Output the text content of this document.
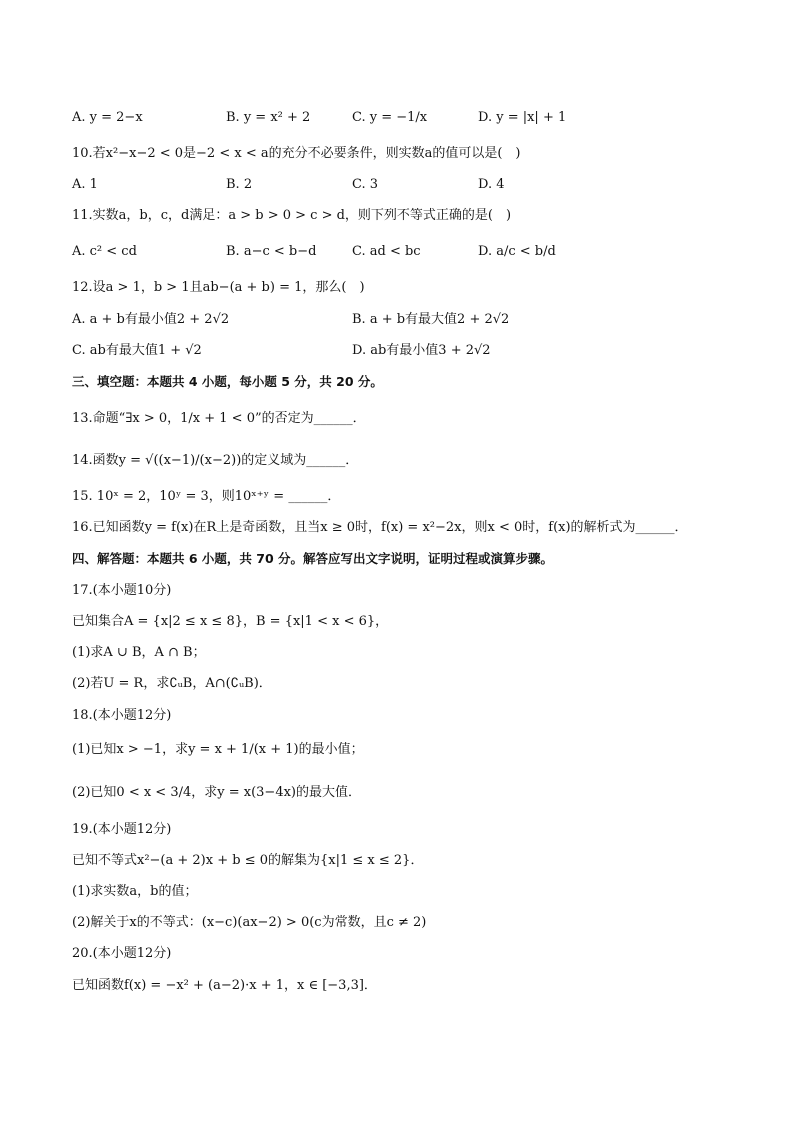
A. y = 2−x	B. y = x² + 2	C. y = −1/x	D. y = |x| + 1
10.若x²−x−2 < 0是−2 < x < a的充分不必要条件，则实数a的值可以是(　)
A. 1	B. 2	C. 3	D. 4
11.实数a，b，c，d满足：a > b > 0 > c > d，则下列不等式正确的是(　)
A. c² < cd	B. a−c < b−d	C. ad < bc	D. a/c < b/d
12.设a > 1，b > 1且ab−(a + b) = 1，那么(　)
A. a + b有最小值2 + 2√2	B. a + b有最大值2 + 2√2
C. ab有最大值1 + √2	D. ab有最小值3 + 2√2
三、填空题：本题共 4 小题，每小题 5 分，共 20 分。
13.命题“∃x > 0，1/x + 1 < 0”的否定为______．
14.函数y = √((x−1)/(x−2))的定义域为______．
15. 10ˣ = 2，10ʸ = 3，则10ˣ⁺ʸ = ______．
16.已知函数y = f(x)在R上是奇函数，且当x ≥ 0时，f(x) = x²−2x，则x < 0时，f(x)的解析式为______．
四、解答题：本题共 6 小题，共 70 分。解答应写出文字说明，证明过程或演算步骤。
17.(本小题10分)
已知集合A = {x|2 ≤ x ≤ 8}，B = {x|1 < x < 6}，
(1)求A ∪ B，A ∩ B；
(2)若U = R，求∁ᵤB，A∩(∁ᵤB)．
18.(本小题12分)
(1)已知x > −1，求y = x + 1/(x + 1)的最小值；
(2)已知0 < x < 3/4，求y = x(3−4x)的最大值．
19.(本小题12分)
已知不等式x²−(a + 2)x + b ≤ 0的解集为{x|1 ≤ x ≤ 2}．
(1)求实数a，b的值；
(2)解关于x的不等式：(x−c)(ax−2) > 0(c为常数，且c ≠ 2)
20.(本小题12分)
已知函数f(x) = −x² + (a−2)·x + 1，x ∈ [−3,3]．
